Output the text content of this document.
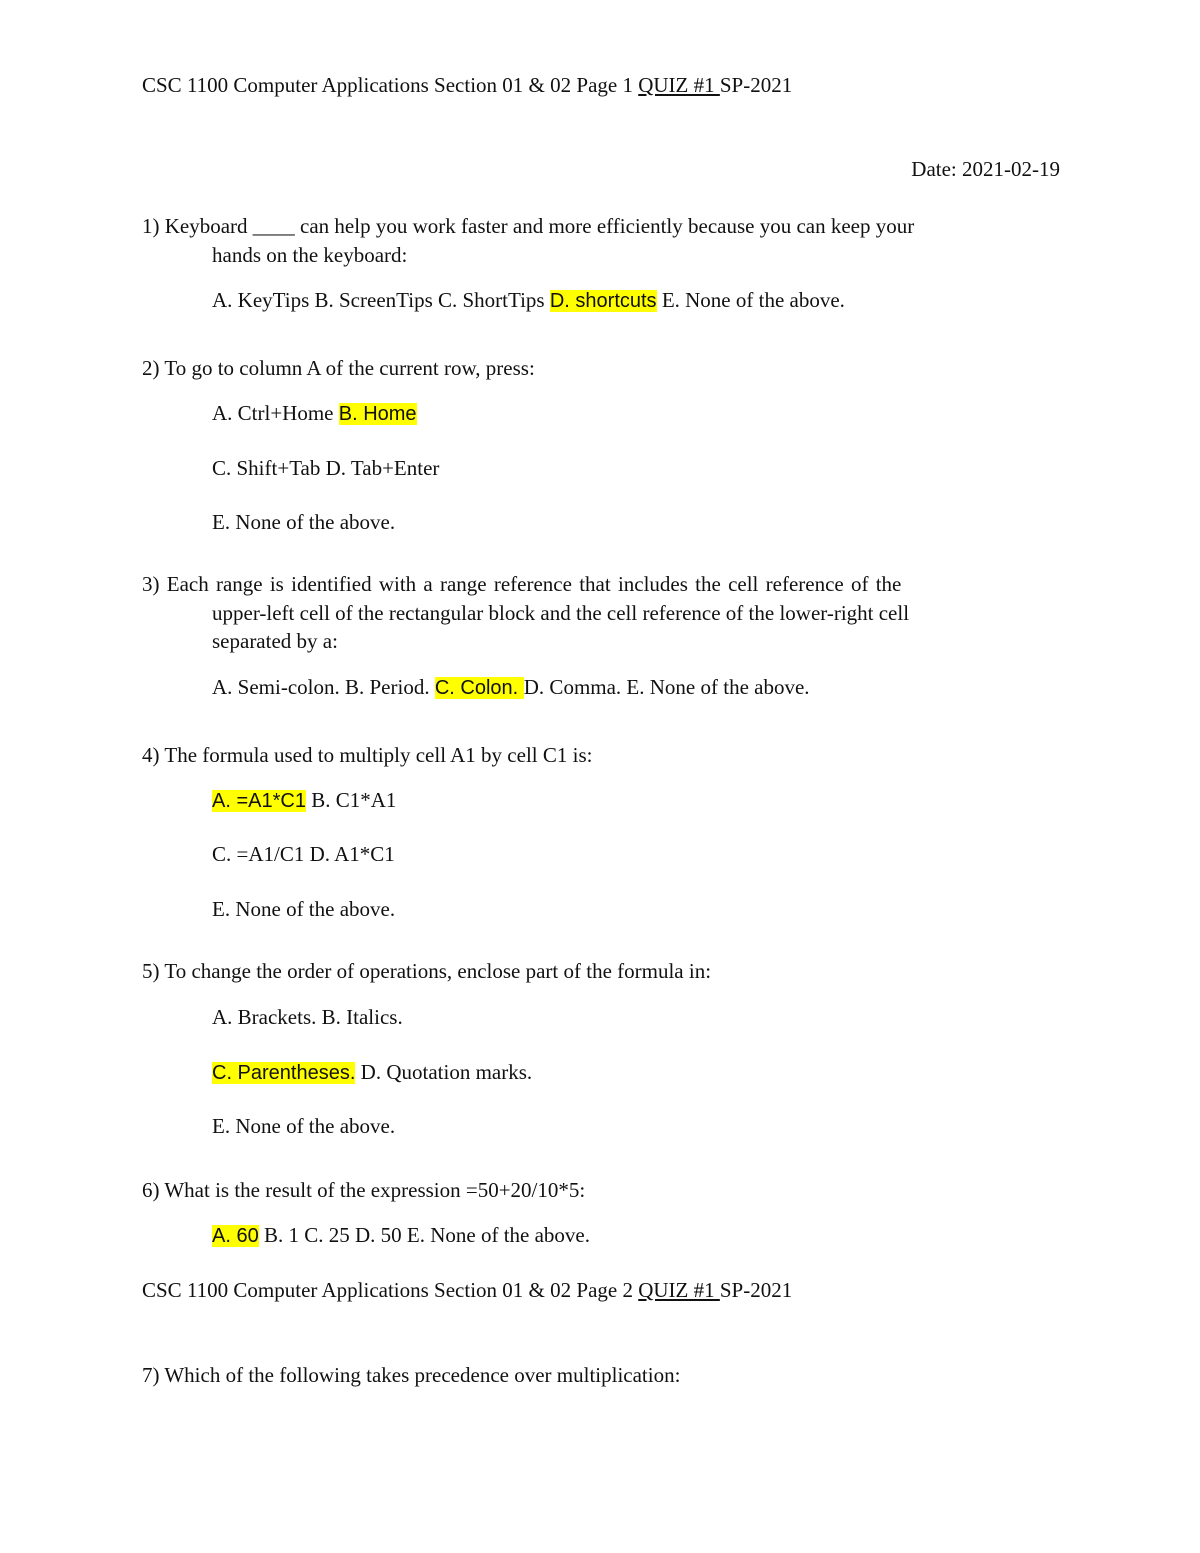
CSC 1100 Computer Applications Section 01 & 02 Page 1 QUIZ #1 SP-2021
Date: 2021-02-19
1) Keyboard ____ can help you work faster and more efficiently because you can keep your
hands on the keyboard:
A. KeyTips B. ScreenTips C. ShortTips D. shortcuts E. None of the above.
2) To go to column A of the current row, press:
A. Ctrl+Home B. Home
C. Shift+Tab D. Tab+Enter
E. None of the above.
3) Each range is identified with a range reference that includes the cell reference of the
upper-left cell of the rectangular block and the cell reference of the lower-right cell
separated by a:
A. Semi-colon. B. Period. C. Colon. D. Comma. E. None of the above.
4) The formula used to multiply cell A1 by cell C1 is:
A. =A1*C1 B. C1*A1
C. =A1/C1 D. A1*C1
E. None of the above.
5) To change the order of operations, enclose part of the formula in:
A. Brackets. B. Italics.
C. Parentheses. D. Quotation marks.
E. None of the above.
6) What is the result of the expression =50+20/10*5:
A. 60 B. 1 C. 25 D. 50 E. None of the above.
CSC 1100 Computer Applications Section 01 & 02 Page 2 QUIZ #1 SP-2021
7) Which of the following takes precedence over multiplication:
